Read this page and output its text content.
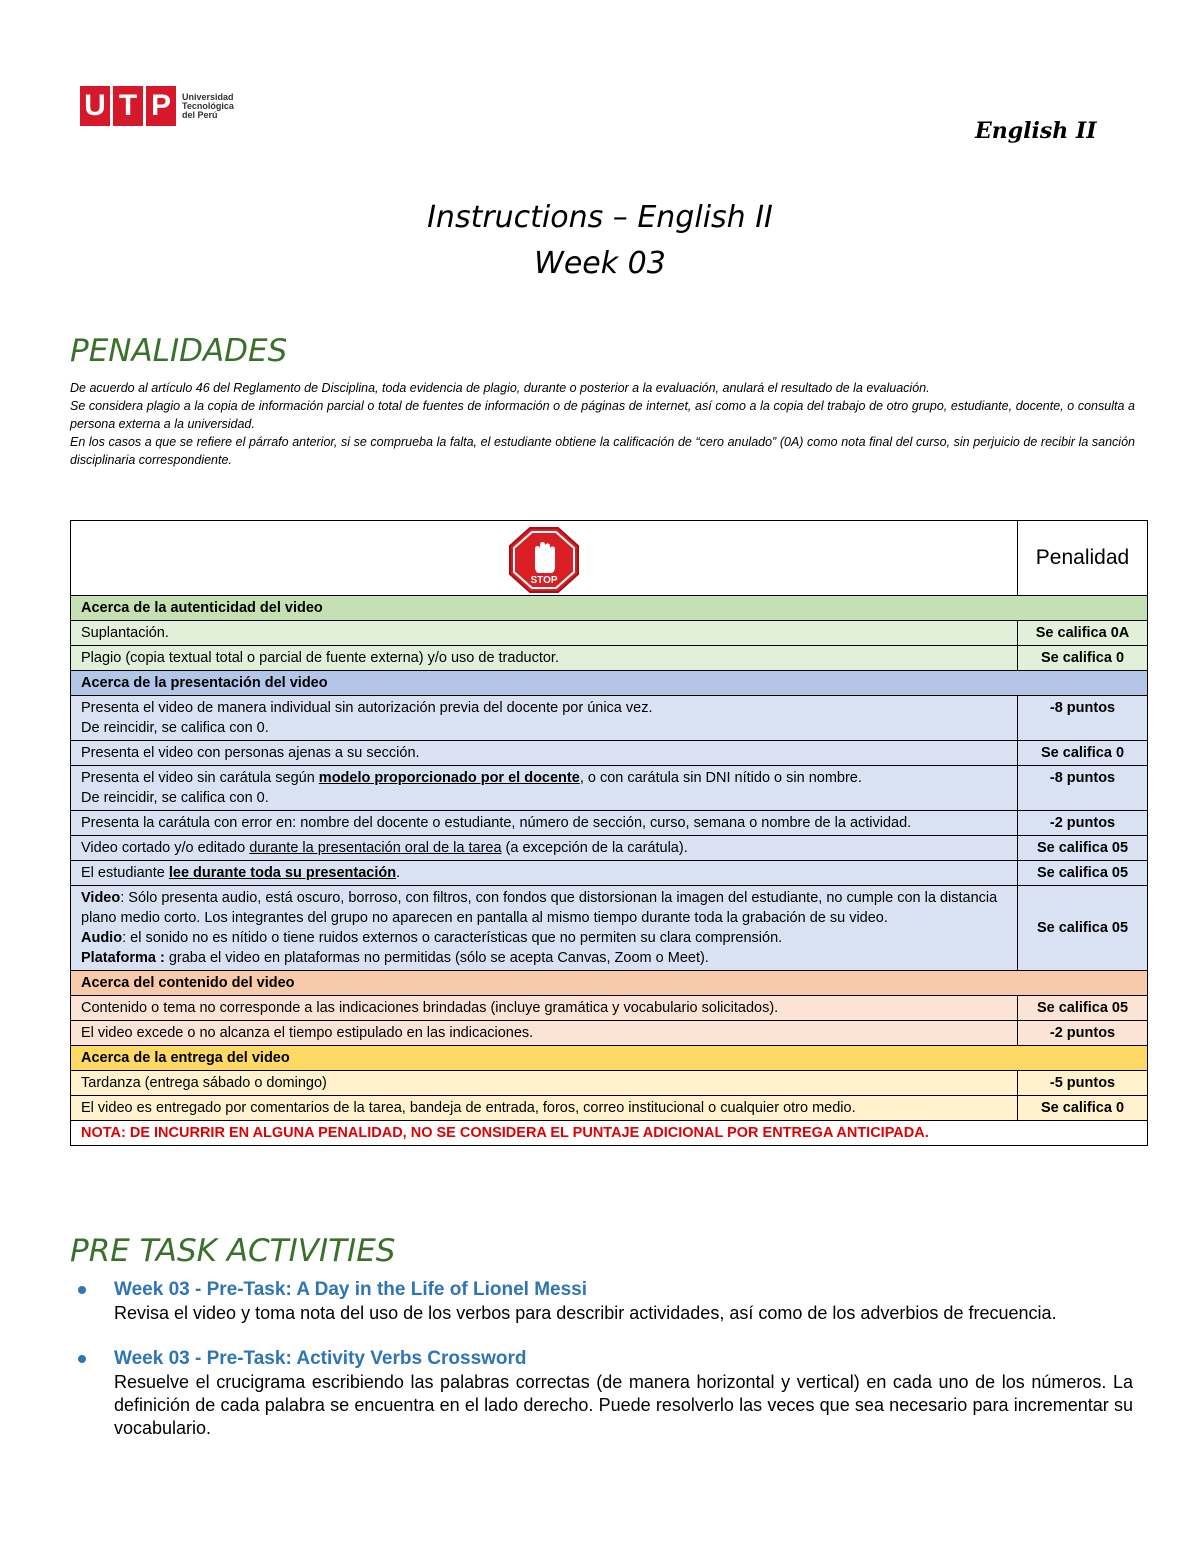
U T P	Universidad
Tecnológica
del Perú
English II
Instructions – English II
Week 03
PENALIDADES

De acuerdo al artículo 46 del Reglamento de Disciplina, toda evidencia de plagio, durante o posterior a la evaluación, anulará el resultado de la evaluación.

Se considera plagio a la copia de información parcial o total de fuentes de información o de páginas de internet, así como a la copia del trabajo de otro grupo, estudiante, docente, o consulta a persona externa a la universidad.

En los casos a que se refiere el párrafo anterior, si se comprueba la falta, el estudiante obtiene la calificación de “cero anulado” (0A) como nota final del curso, sin perjuicio de recibir la sanción disciplinaria correspondiente.

STOP	Penalidad
Acerca de la autenticidad del video	
Suplantación.	Se califica 0A
Plagio (copia textual total o parcial de fuente externa) y/o uso de traductor.	Se califica 0
Acerca de la presentación del video	

Presenta el video de manera individual sin autorización previa del docente por única vez.
De reincidir, se califica con 0.	-8 puntos
Presenta el video con personas ajenas a su sección.	Se califica 0

Presenta el video sin carátula según modelo proporcionado por el docente, o con carátula sin DNI nítido o sin nombre.
De reincidir, se califica con 0.	-8 puntos
Presenta la carátula con error en: nombre del docente o estudiante, número de sección, curso, semana o nombre de la actividad.	-2 puntos
Video cortado y/o editado durante la presentación oral de la tarea (a excepción de la carátula).	Se califica 05
El estudiante lee durante toda su presentación.	Se califica 05

Video: Sólo presenta audio, está oscuro, borroso, con filtros, con fondos que distorsionan la imagen del estudiante, no cumple con la distancia plano medio corto. Los integrantes del grupo no aparecen en pantalla al mismo tiempo durante toda la grabación de su video.
Audio: el sonido no es nítido o tiene ruidos externos o características que no permiten su clara comprensión.
Plataforma : graba el video en plataformas no permitidas (sólo se acepta Canvas, Zoom o Meet).	Se califica 05
Acerca del contenido del video	
Contenido o tema no corresponde a las indicaciones brindadas (incluye gramática y vocabulario solicitados).	Se califica 05
El video excede o no alcanza el tiempo estipulado en las indicaciones.	-2 puntos
Acerca de la entrega del video	
Tardanza (entrega sábado o domingo)	-5 puntos
El video es entregado por comentarios de la tarea, bandeja de entrada, foros, correo institucional o cualquier otro medio.	Se califica 0
NOTA: DE INCURRIR EN ALGUNA PENALIDAD, NO SE CONSIDERA EL PUNTAJE ADICIONAL POR ENTREGA ANTICIPADA.	
PRE TASK ACTIVITIES
Week 03 - Pre-Task: A Day in the Life of Lionel Messi
Revisa el video y toma nota del uso de los verbos para describir actividades, así como de los adverbios de frecuencia.
Week 03 - Pre-Task: Activity Verbs Crossword
Resuelve el crucigrama escribiendo las palabras correctas (de manera horizontal y vertical) en cada uno de los números. La definición de cada palabra se encuentra en el lado derecho. Puede resolverlo las veces que sea necesario para incrementar su vocabulario.
